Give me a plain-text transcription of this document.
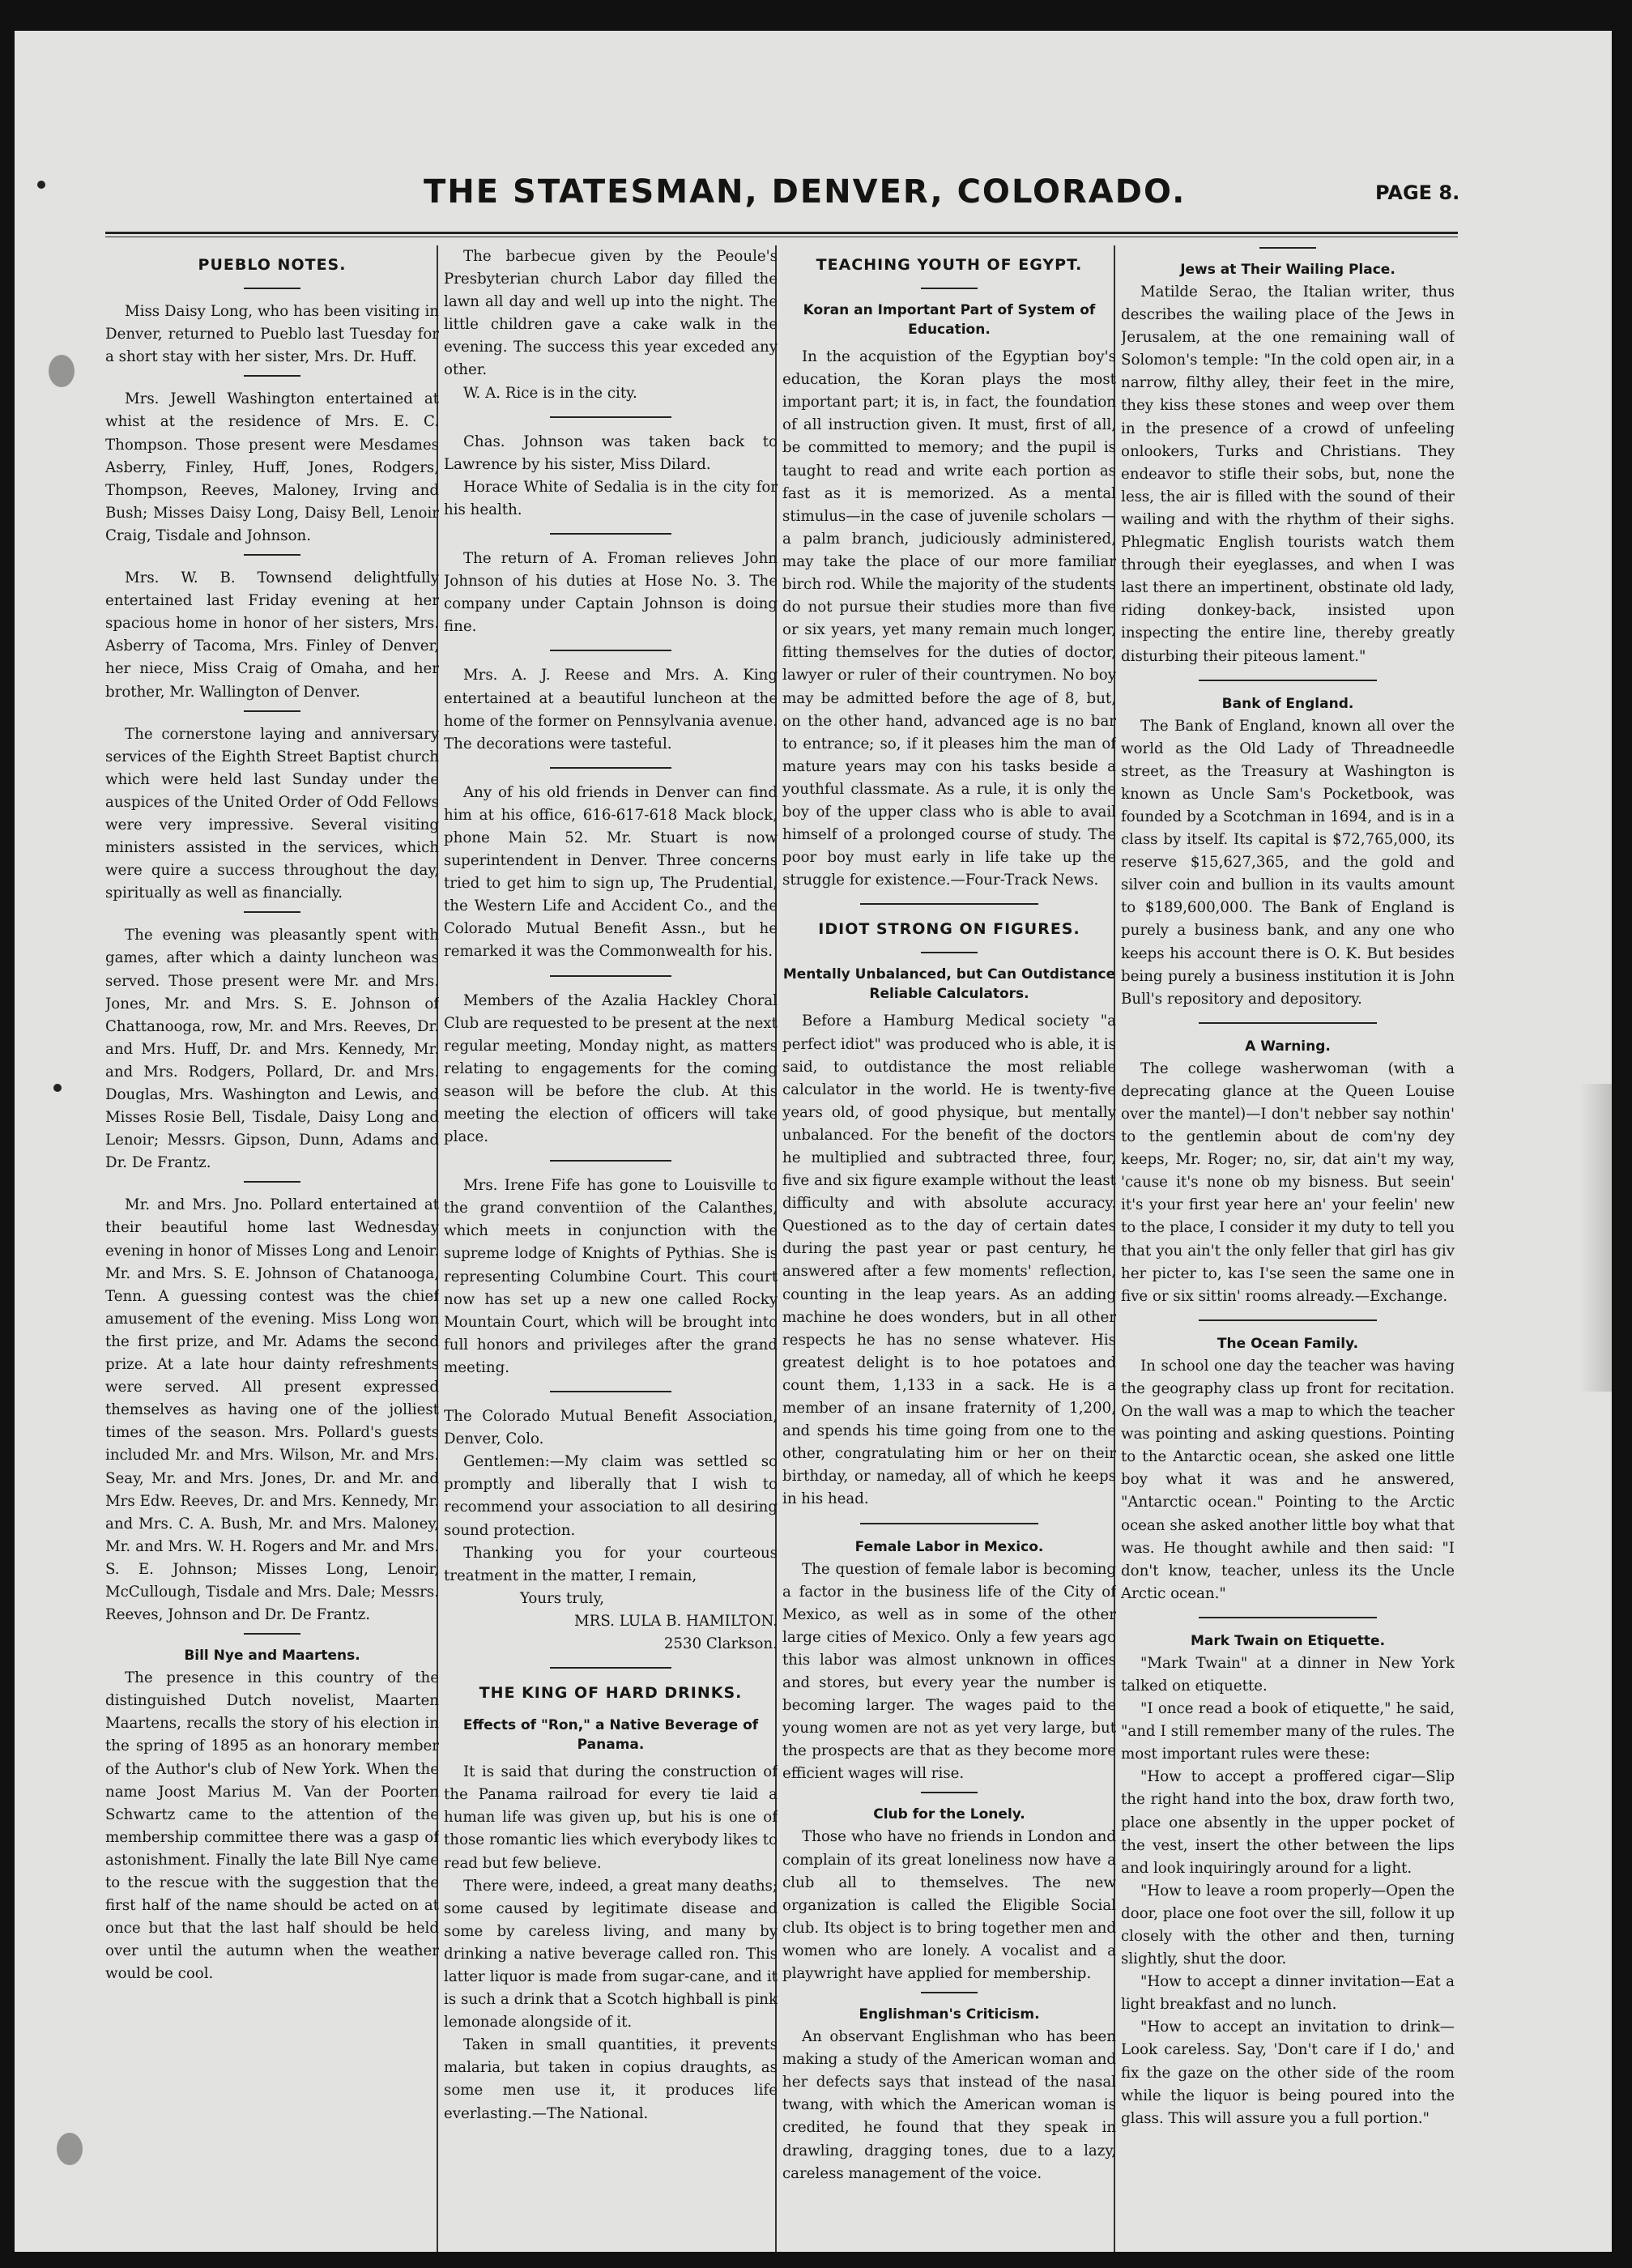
THE STATESMAN, DENVER, COLORADO.	PAGE 8.
PUEBLO NOTES.

Miss Daisy Long, who has been visiting in Denver, returned to Pueblo last Tuesday for a short stay with her sister, Mrs. Dr. Huff.

Mrs. Jewell Washington entertained at whist at the residence of Mrs. E. C. Thompson. Those present were Mesdames Asberry, Finley, Huff, Jones, Rodgers, Thompson, Reeves, Maloney, Irving and Bush; Misses Daisy Long, Daisy Bell, Lenoir Craig, Tisdale and Johnson.

Mrs. W. B. Townsend delightfully entertained last Friday evening at her spacious home in honor of her sisters, Mrs. Asberry of Tacoma, Mrs. Finley of Denver, her niece, Miss Craig of Omaha, and her brother, Mr. Wallington of Denver.

The cornerstone laying and anniversary services of the Eighth Street Baptist church which were held last Sunday under the auspices of the United Order of Odd Fellows were very impressive. Several visiting ministers assisted in the services, which were quire a success throughout the day, spiritually as well as financially.

The evening was pleasantly spent with games, after which a dainty luncheon was served. Those present were Mr. and Mrs. Jones, Mr. and Mrs. S. E. Johnson of Chattanooga, row, Mr. and Mrs. Reeves, Dr. and Mrs. Huff, Dr. and Mrs. Kennedy, Mr. and Mrs. Rodgers, Pollard, Dr. and Mrs. Douglas, Mrs. Washington and Lewis, and Misses Rosie Bell, Tisdale, Daisy Long and Lenoir; Messrs. Gipson, Dunn, Adams and Dr. De Frantz.

Mr. and Mrs. Jno. Pollard entertained at their beautiful home last Wednesday evening in honor of Misses Long and Lenoir. Mr. and Mrs. S. E. Johnson of Chatanooga, Tenn. A guessing contest was the chief amusement of the evening. Miss Long won the first prize, and Mr. Adams the second prize. At a late hour dainty refreshments were served. All present expressed themselves as having one of the jolliest times of the season. Mrs. Pollard's guests included Mr. and Mrs. Wilson, Mr. and Mrs. Seay, Mr. and Mrs. Jones, Dr. and Mr. and Mrs Edw. Reeves, Dr. and Mrs. Kennedy, Mr. and Mrs. C. A. Bush, Mr. and Mrs. Maloney, Mr. and Mrs. W. H. Rogers and Mr. and Mrs. S. E. Johnson; Misses Long, Lenoir, McCullough, Tisdale and Mrs. Dale; Messrs. Reeves, Johnson and Dr. De Frantz.

Bill Nye and Maartens.

The presence in this country of the distinguished Dutch novelist, Maarten Maartens, recalls the story of his election in the spring of 1895 as an honorary member of the Author's club of New York. When the name Joost Marius M. Van der Poorten Schwartz came to the attention of the membership committee there was a gasp of astonishment. Finally the late Bill Nye came to the rescue with the suggestion that the first half of the name should be acted on at once but that the last half should be held over until the autumn when the weather would be cool.

The barbecue given by the Peoule's Presbyterian church Labor day filled the lawn all day and well up into the night. The little children gave a cake walk in the evening. The success this year exceded any other.

W. A. Rice is in the city.

Chas. Johnson was taken back to Lawrence by his sister, Miss Dilard.

Horace White of Sedalia is in the city for his health.

The return of A. Froman relieves John Johnson of his duties at Hose No. 3. The company under Captain Johnson is doing fine.

Mrs. A. J. Reese and Mrs. A. King entertained at a beautiful luncheon at the home of the former on Pennsylvania avenue. The decorations were tasteful.

Any of his old friends in Denver can find him at his office, 616-617-618 Mack block, phone Main 52. Mr. Stuart is now superintendent in Denver. Three concerns tried to get him to sign up, The Prudential, the Western Life and Accident Co., and the Colorado Mutual Benefit Assn., but he remarked it was the Commonwealth for his.

Members of the Azalia Hackley Choral Club are requested to be present at the next regular meeting, Monday night, as matters relating to engagements for the coming season will be before the club. At this meeting the election of officers will take place.

Mrs. Irene Fife has gone to Louisville to the grand conventiion of the Calanthes, which meets in conjunction with the supreme lodge of Knights of Pythias. She is representing Columbine Court. This court now has set up a new one called Rocky Mountain Court, which will be brought into full honors and privileges after the grand meeting.

The Colorado Mutual Benefit Association, Denver, Colo.

Gentlemen:—My claim was settled so promptly and liberally that I wish to recommend your association to all desiring sound protection.

Thanking you for your courteous treatment in the matter, I remain,

Yours truly,

MRS. LULA B. HAMILTON.

2530 Clarkson.

THE KING OF HARD DRINKS.
Effects of "Ron," a Native Beverage of Panama.

It is said that during the construction of the Panama railroad for every tie laid a human life was given up, but his is one of those romantic lies which everybody likes to read but few believe.

There were, indeed, a great many deaths; some caused by legitimate disease and some by careless living, and many by drinking a native beverage called ron. This latter liquor is made from sugar-cane, and it is such a drink that a Scotch highball is pink lemonade alongside of it.

Taken in small quantities, it prevents malaria, but taken in copius draughts, as some men use it, it produces life everlasting.—The National.

TEACHING YOUTH OF EGYPT.
Koran an Important Part of System of Education.

In the acquistion of the Egyptian boy's education, the Koran plays the most important part; it is, in fact, the foundation of all instruction given. It must, first of all, be committed to memory; and the pupil is taught to read and write each portion as fast as it is memorized. As a mental stimulus—in the case of juvenile scholars —a palm branch, judiciously administered, may take the place of our more familiar birch rod. While the majority of the students do not pursue their studies more than five or six years, yet many remain much longer, fitting themselves for the duties of doctor, lawyer or ruler of their countrymen. No boy may be admitted before the age of 8, but, on the other hand, advanced age is no bar to entrance; so, if it pleases him the man of mature years may con his tasks beside a youthful classmate. As a rule, it is only the boy of the upper class who is able to avail himself of a prolonged course of study. The poor boy must early in life take up the struggle for existence.—Four-Track News.

IDIOT STRONG ON FIGURES.
Mentally Unbalanced, but Can Outdistance Reliable Calculators.

Before a Hamburg Medical society "a perfect idiot" was produced who is able, it is said, to outdistance the most reliable calculator in the world. He is twenty-five years old, of good physique, but mentally unbalanced. For the benefit of the doctors he multiplied and subtracted three, four, five and six figure example without the least difficulty and with absolute accuracy. Questioned as to the day of certain dates during the past year or past century, he answered after a few moments' reflection, counting in the leap years. As an adding machine he does wonders, but in all other respects he has no sense whatever. His greatest delight is to hoe potatoes and count them, 1,133 in a sack. He is a member of an insane fraternity of 1,200, and spends his time going from one to the other, congratulating him or her on their birthday, or nameday, all of which he keeps in his head.

Female Labor in Mexico.

The question of female labor is becoming a factor in the business life of the City of Mexico, as well as in some of the other large cities of Mexico. Only a few years ago this labor was almost unknown in offices and stores, but every year the number is becoming larger. The wages paid to the young women are not as yet very large, but the prospects are that as they become more efficient wages will rise.

Club for the Lonely.

Those who have no friends in London and complain of its great loneliness now have a club all to themselves. The new organization is called the Eligible Social club. Its object is to bring together men and women who are lonely. A vocalist and a playwright have applied for membership.

Englishman's Criticism.

An observant Englishman who has been making a study of the American woman and her defects says that instead of the nasal twang, with which the American woman is credited, he found that they speak in drawling, dragging tones, due to a lazy, careless management of the voice.

Jews at Their Wailing Place.

Matilde Serao, the Italian writer, thus describes the wailing place of the Jews in Jerusalem, at the one remaining wall of Solomon's temple: "In the cold open air, in a narrow, filthy alley, their feet in the mire, they kiss these stones and weep over them in the presence of a crowd of unfeeling onlookers, Turks and Christians. They endeavor to stifle their sobs, but, none the less, the air is filled with the sound of their wailing and with the rhythm of their sighs. Phlegmatic English tourists watch them through their eyeglasses, and when I was last there an impertinent, obstinate old lady, riding donkey-back, insisted upon inspecting the entire line, thereby greatly disturbing their piteous lament."

Bank of England.

The Bank of England, known all over the world as the Old Lady of Threadneedle street, as the Treasury at Washington is known as Uncle Sam's Pocketbook, was founded by a Scotchman in 1694, and is in a class by itself. Its capital is $72,765,000, its reserve $15,627,365, and the gold and silver coin and bullion in its vaults amount to $189,600,000. The Bank of England is purely a business bank, and any one who keeps his account there is O. K. But besides being purely a business institution it is John Bull's repository and depository.

A Warning.

The college washerwoman (with a deprecating glance at the Queen Louise over the mantel)—I don't nebber say nothin' to the gentlemin about de com'ny dey keeps, Mr. Roger; no, sir, dat ain't my way, 'cause it's none ob my bisness. But seein' it's your first year here an' your feelin' new to the place, I consider it my duty to tell you that you ain't the only feller that girl has giv her picter to, kas I'se seen the same one in five or six sittin' rooms already.—Exchange.

The Ocean Family.

In school one day the teacher was having the geography class up front for recitation. On the wall was a map to which the teacher was pointing and asking questions. Pointing to the Antarctic ocean, she asked one little boy what it was and he answered, "Antarctic ocean." Pointing to the Arctic ocean she asked another little boy what that was. He thought awhile and then said: "I don't know, teacher, unless its the Uncle Arctic ocean."

Mark Twain on Etiquette.

"Mark Twain" at a dinner in New York talked on etiquette.

"I once read a book of etiquette," he said, "and I still remember many of the rules. The most important rules were these:

"How to accept a proffered cigar—Slip the right hand into the box, draw forth two, place one absently in the upper pocket of the vest, insert the other between the lips and look inquiringly around for a light.

"How to leave a room properly—Open the door, place one foot over the sill, follow it up closely with the other and then, turning slightly, shut the door.

"How to accept a dinner invitation—Eat a light breakfast and no lunch.

"How to accept an invitation to drink—Look careless. Say, 'Don't care if I do,' and fix the gaze on the other side of the room while the liquor is being poured into the glass. This will assure you a full portion."
